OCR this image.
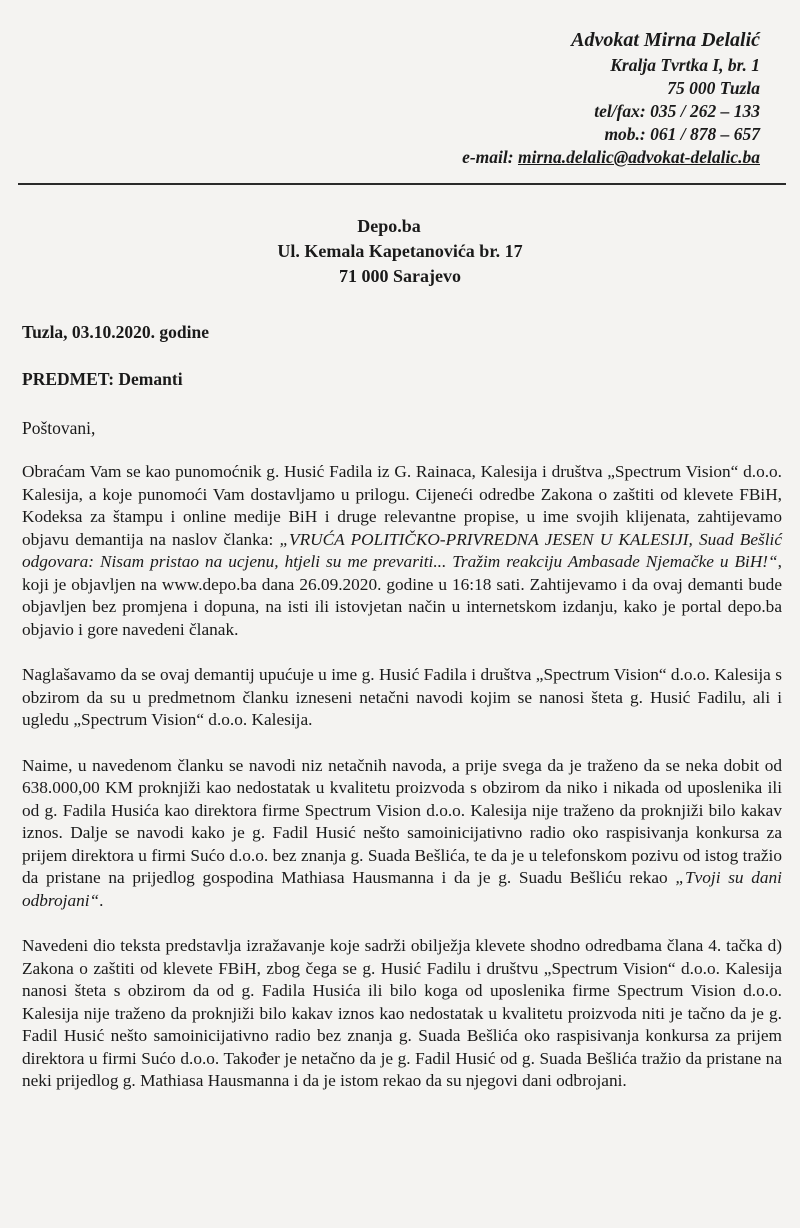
Advokat Mirna Delalić
Kralja Tvrtka I, br. 1
75 000 Tuzla
tel/fax: 035 / 262 – 133
mob.: 061 / 878 – 657
e-mail: mirna.delalic@advokat-delalic.ba
Depo.ba
Ul. Kemala Kapetanovića br. 17
71 000 Sarajevo
Tuzla, 03.10.2020. godine
PREDMET: Demanti
Poštovani,

Obraćam Vam se kao punomoćnik g. Husić Fadila iz G. Rainaca, Kalesija i društva „Spectrum Vision“ d.o.o. Kalesija, a koje punomoći Vam dostavljamo u prilogu. Cijeneći odredbe Zakona o zaštiti od klevete FBiH, Kodeksa za štampu i online medije BiH i druge relevantne propise, u ime svojih klijenata, zahtijevamo objavu demantija na naslov članka: „VRUĆA POLITIČKO-PRIVREDNA JESEN U KALESIJI, Suad Bešlić odgovara: Nisam pristao na ucjenu, htjeli su me prevariti... Tražim reakciju Ambasade Njemačke u BiH!“, koji je objavljen na www.depo.ba dana 26.09.2020. godine u 16:18 sati. Zahtijevamo i da ovaj demanti bude objavljen bez promjena i dopuna, na isti ili istovjetan način u internetskom izdanju, kako je portal depo.ba objavio i gore navedeni članak.

Naglašavamo da se ovaj demantij upućuje u ime g. Husić Fadila i društva „Spectrum Vision“ d.o.o. Kalesija s obzirom da su u predmetnom članku izneseni netačni navodi kojim se nanosi šteta g. Husić Fadilu, ali i ugledu „Spectrum Vision“ d.o.o. Kalesija.

Naime, u navedenom članku se navodi niz netačnih navoda, a prije svega da je traženo da se neka dobit od 638.000,00 KM proknjiži kao nedostatak u kvalitetu proizvoda s obzirom da niko i nikada od uposlenika ili od g. Fadila Husića kao direktora firme Spectrum Vision d.o.o. Kalesija nije traženo da proknjiži bilo kakav iznos. Dalje se navodi kako je g. Fadil Husić nešto samoinicijativno radio oko raspisivanja konkursa za prijem direktora u firmi Sućo d.o.o. bez znanja g. Suada Bešlića, te da je u telefonskom pozivu od istog tražio da pristane na prijedlog gospodina Mathiasa Hausmanna i da je g. Suadu Bešliću rekao „Tvoji su dani odbrojani“.

Navedeni dio teksta predstavlja izražavanje koje sadrži obilježja klevete shodno odredbama člana 4. tačka d) Zakona o zaštiti od klevete FBiH, zbog čega se g. Husić Fadilu i društvu „Spectrum Vision“ d.o.o. Kalesija nanosi šteta s obzirom da od g. Fadila Husića ili bilo koga od uposlenika firme Spectrum Vision d.o.o. Kalesija nije traženo da proknjiži bilo kakav iznos kao nedostatak u kvalitetu proizvoda niti je tačno da je g. Fadil Husić nešto samoinicijativno radio bez znanja g. Suada Bešlića oko raspisivanja konkursa za prijem direktora u firmi Sućo d.o.o. Također je netačno da je g. Fadil Husić od g. Suada Bešlića tražio da pristane na neki prijedlog g. Mathiasa Hausmanna i da je istom rekao da su njegovi dani odbrojani.
